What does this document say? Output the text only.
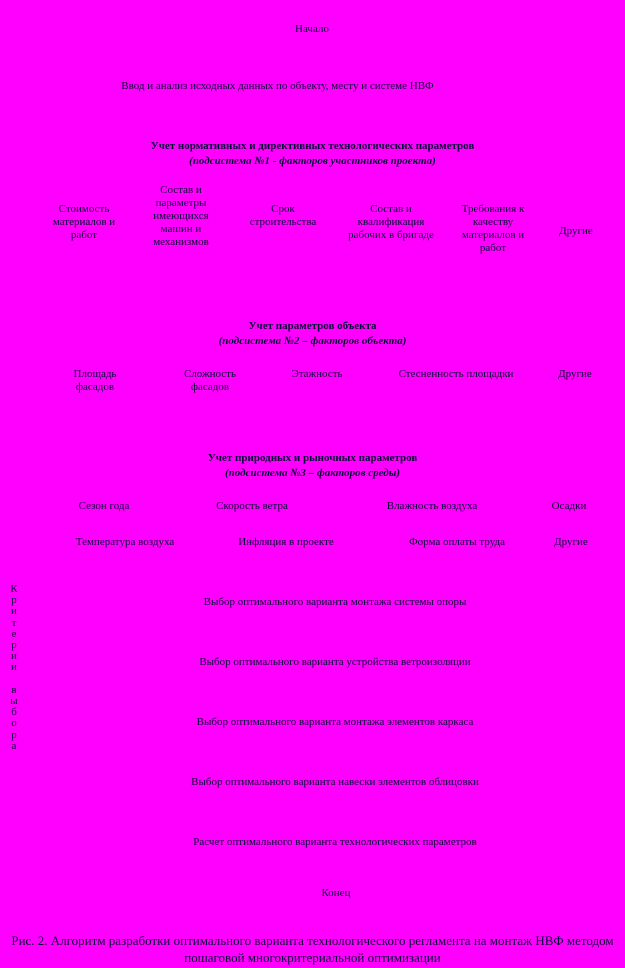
Начало
Ввод и анализ исходных данных по объекту, месту и системе НВФ
Учет нормативных и директивных технологических параметров
(подсистема №1 - факторов участников проекта)
Стоимость материалов и работ
Состав и параметры имеющихся машин и механизмов
Срок строительства
Состав и квалификация рабочих в бригаде
Требования к качеству материалов и работ
Другие
Учет параметров объекта
(подсистема №2 – факторов объекта)
Площадь фасадов
Сложность фасадов
Этажность	Стесненность площадки	Другие
Учет природных и рыночных параметров
(подсистема №3 – факторов среды)
Сезон года	Скорость ветра	Влажность воздуха	Осадки
Температура воздуха	Инфляция в проекте	Форма оплаты труда	Другие
К
р
и
т
е
р
и
и

в
ы
б
о
р
а
Выбор оптимального варианта монтажа системы опоры
Выбор оптимального варианта устройства ветроизоляции
Выбор оптимального варианта монтажа элементов каркаса
Выбор оптимального варианта навески элементов облицовки
Расчет оптимального варианта технологических параметров
Конец
Рис. 2. Алгоритм разработки оптимального варианта технологического регламента на монтаж НВФ методом пошаговой многокритериальной оптимизации
